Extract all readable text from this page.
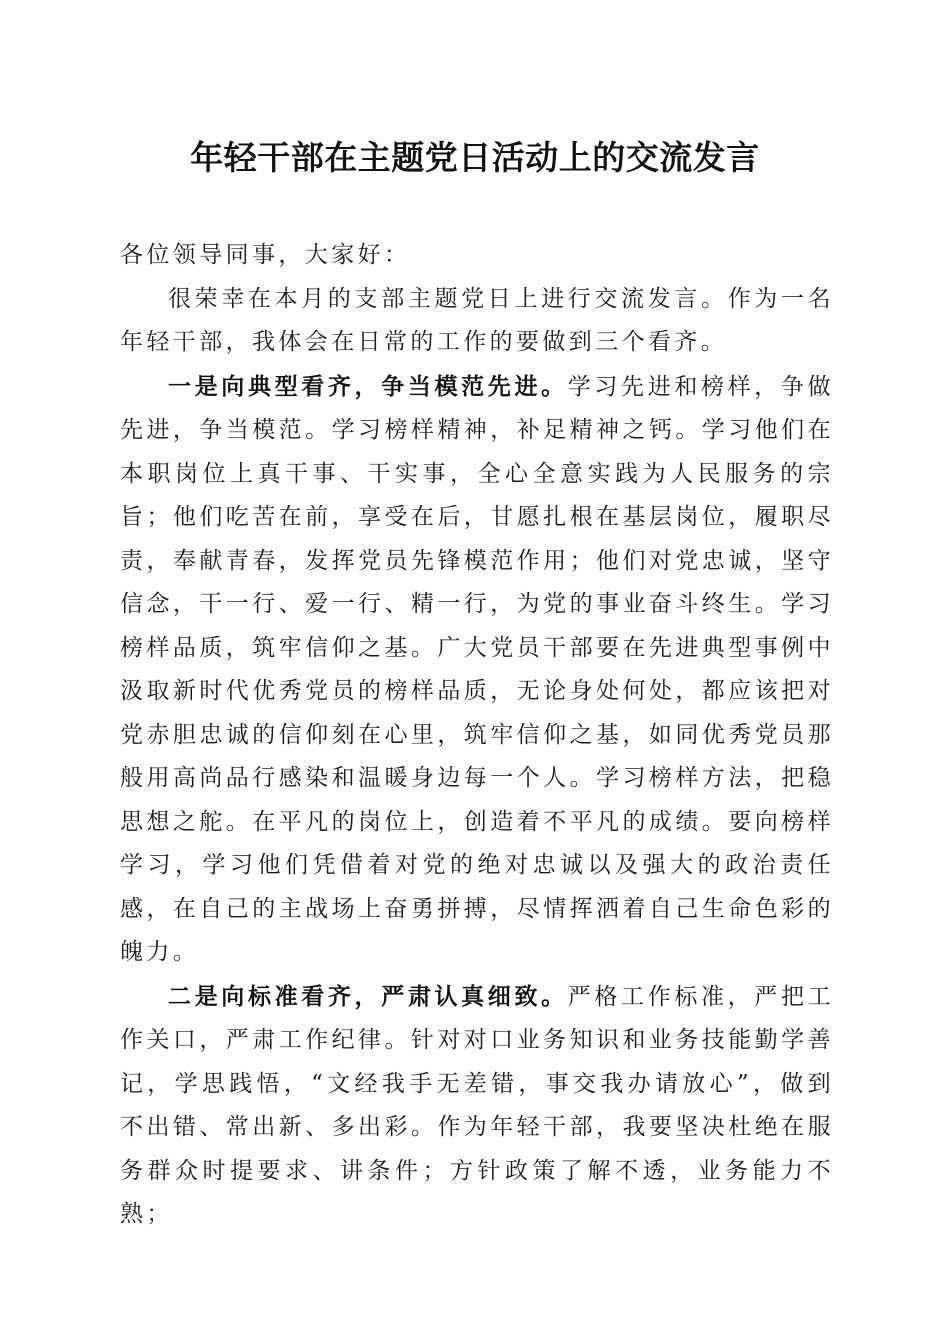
年轻干部在主题党日活动上的交流发言

各位领导同事，大家好：

很荣幸在本月的支部主题党日上进行交流发言。作为一名年轻干部，我体会在日常的工作的要做到三个看齐。

一是向典型看齐，争当模范先进。学习先进和榜样，争做先进，争当模范。学习榜样精神，补足精神之钙。学习他们在本职岗位上真干事、干实事，全心全意实践为人民服务的宗旨；他们吃苦在前，享受在后，甘愿扎根在基层岗位，履职尽责，奉献青春，发挥党员先锋模范作用；他们对党忠诚，坚守信念，干一行、爱一行、精一行，为党的事业奋斗终生。学习榜样品质，筑牢信仰之基。广大党员干部要在先进典型事例中汲取新时代优秀党员的榜样品质，无论身处何处，都应该把对党赤胆忠诚的信仰刻在心里，筑牢信仰之基，如同优秀党员那般用高尚品行感染和温暖身边每一个人。学习榜样方法，把稳思想之舵。在平凡的岗位上，创造着不平凡的成绩。要向榜样学习，学习他们凭借着对党的绝对忠诚以及强大的政治责任感，在自己的主战场上奋勇拼搏，尽情挥洒着自己生命色彩的魄力。

二是向标准看齐，严肃认真细致。严格工作标准，严把工作关口，严肃工作纪律。针对对口业务知识和业务技能勤学善记，学思践悟，“文经我手无差错，事交我办请放心”，做到不出错、常出新、多出彩。作为年轻干部，我要坚决杜绝在服务群众时提要求、讲条件；方针政策了解不透，业务能力不熟；
